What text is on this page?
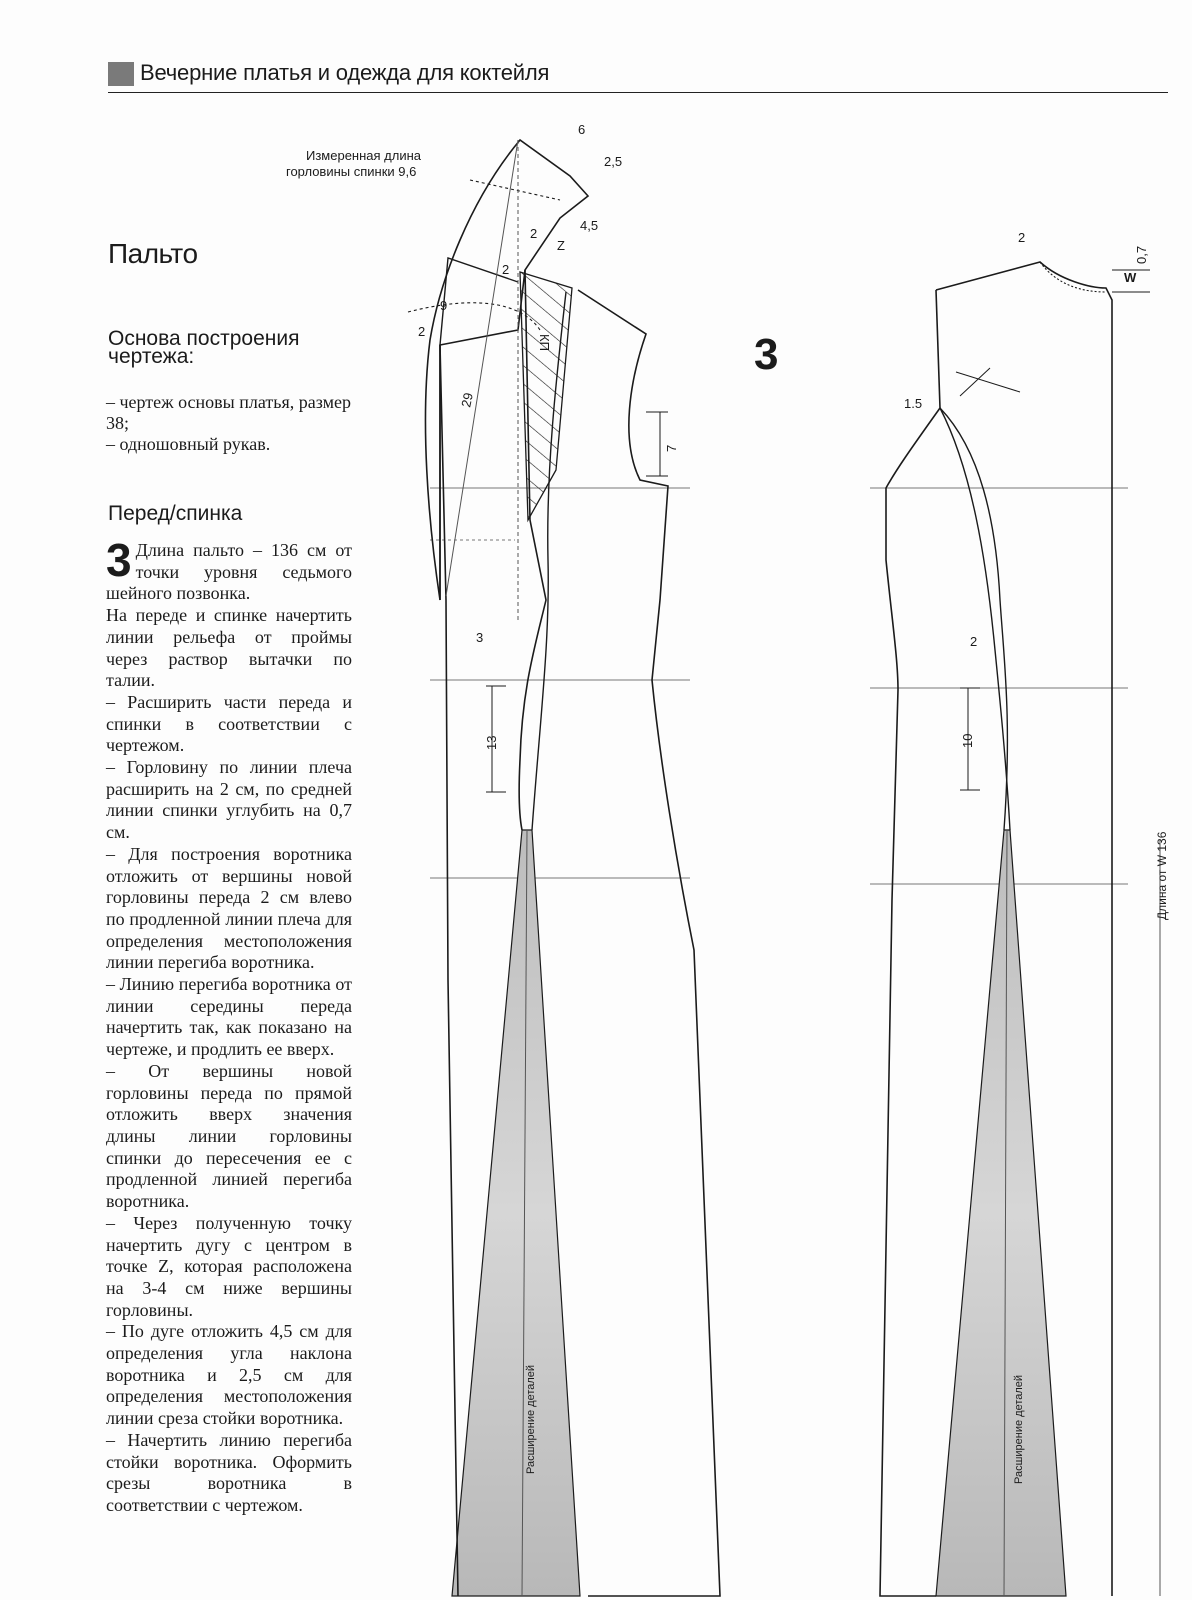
Вечерние платья и одежда для коктейля
Пальто
Основа построения чертежа:
– чертеж основы платья, размер 38;
– одношовный рукав.
Перед/спинка
3 Длина пальто – 136 см от точки уровня седьмого шейного позвонка.

На переде и спинке начертить линии рельефа от проймы через раствор вытачки по талии.

– Расширить части переда и спинки в соответствии с чертежом.

– Горловину по линии плеча расширить на 2 см, по средней линии спинки углубить на 0,7 см.

– Для построения воротника отложить от вершины новой горловины переда 2 см влево по продленной линии плеча для определения местоположения линии перегиба воротника.

– Линию перегиба воротника от линии середины переда начертить так, как показано на чертеже, и продлить ее вверх.

– От вершины новой горловины переда по прямой отложить вверх значения длины линии горловины спинки до пересечения ее с продленной линией перегиба воротника.

– Через полученную точку начертить дугу с центром в точке Z, которая расположена на 3-4 см ниже вершины горловины.

– По дуге отложить 4,5 см для определения угла наклона воротника и 2,5 см для определения местоположения линии среза стойки воротника.

– Начертить линию перегиба стойки воротника. Оформить срезы воротника в соответствии с чертежом.

3
Измеренная длина
горловины спинки 9,6
6
2,5
4,5
2
Z
2
9
2
29
КП
7
3
13
2
0,7
W
1.5
2
10
Длина от W 136
Расширение деталей	Расширение деталей
